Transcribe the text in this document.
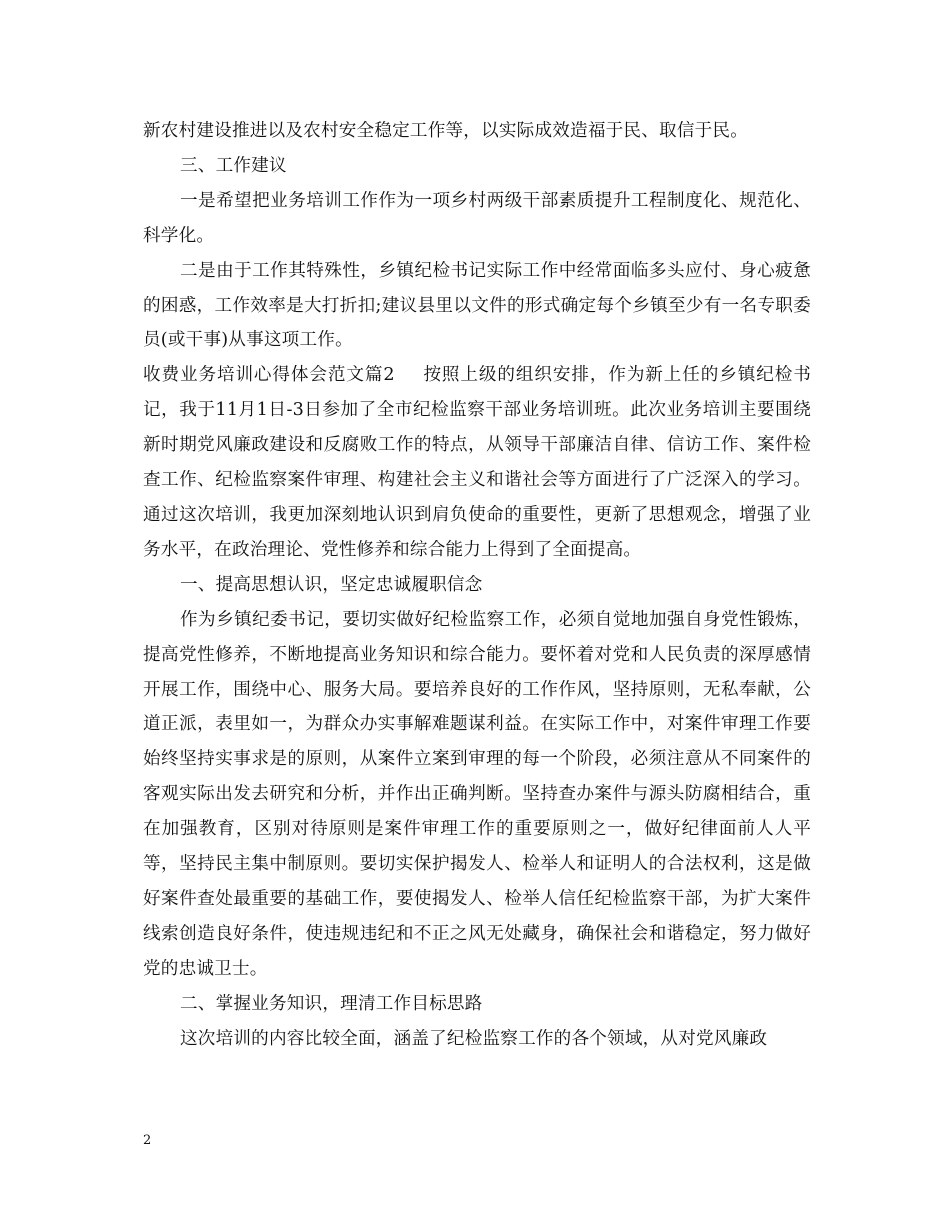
新农村建设推进以及农村安全稳定工作等，以实际成效造福于民、取信于民。

三、工作建议

一是希望把业务培训工作作为一项乡村两级干部素质提升工程制度化、规范化、科学化。

二是由于工作其特殊性，乡镇纪检书记实际工作中经常面临多头应付、身心疲惫的困惑，工作效率是大打折扣;建议县里以文件的形式确定每个乡镇至少有一名专职委员(或干事)从事这项工作。

收费业务培训心得体会范文篇2 按照上级的组织安排，作为新上任的乡镇纪检书记，我于11月1日-3日参加了全市纪检监察干部业务培训班。此次业务培训主要围绕新时期党风廉政建设和反腐败工作的特点，从领导干部廉洁自律、信访工作、案件检查工作、纪检监察案件审理、构建社会主义和谐社会等方面进行了广泛深入的学习。通过这次培训，我更加深刻地认识到肩负使命的重要性，更新了思想观念，增强了业务水平，在政治理论、党性修养和综合能力上得到了全面提高。

一、提高思想认识，坚定忠诚履职信念

作为乡镇纪委书记，要切实做好纪检监察工作，必须自觉地加强自身党性锻炼，提高党性修养，不断地提高业务知识和综合能力。要怀着对党和人民负责的深厚感情开展工作，围绕中心、服务大局。要培养良好的工作作风，坚持原则，无私奉献，公道正派，表里如一，为群众办实事解难题谋利益。在实际工作中，对案件审理工作要始终坚持实事求是的原则，从案件立案到审理的每一个阶段，必须注意从不同案件的客观实际出发去研究和分析，并作出正确判断。坚持查办案件与源头防腐相结合，重在加强教育，区别对待原则是案件审理工作的重要原则之一，做好纪律面前人人平等，坚持民主集中制原则。要切实保护揭发人、检举人和证明人的合法权利，这是做好案件查处最重要的基础工作，要使揭发人、检举人信任纪检监察干部，为扩大案件线索创造良好条件，使违规违纪和不正之风无处藏身，确保社会和谐稳定，努力做好党的忠诚卫士。

二、掌握业务知识，理清工作目标思路

这次培训的内容比较全面，涵盖了纪检监察工作的各个领域，从对党风廉政

2
